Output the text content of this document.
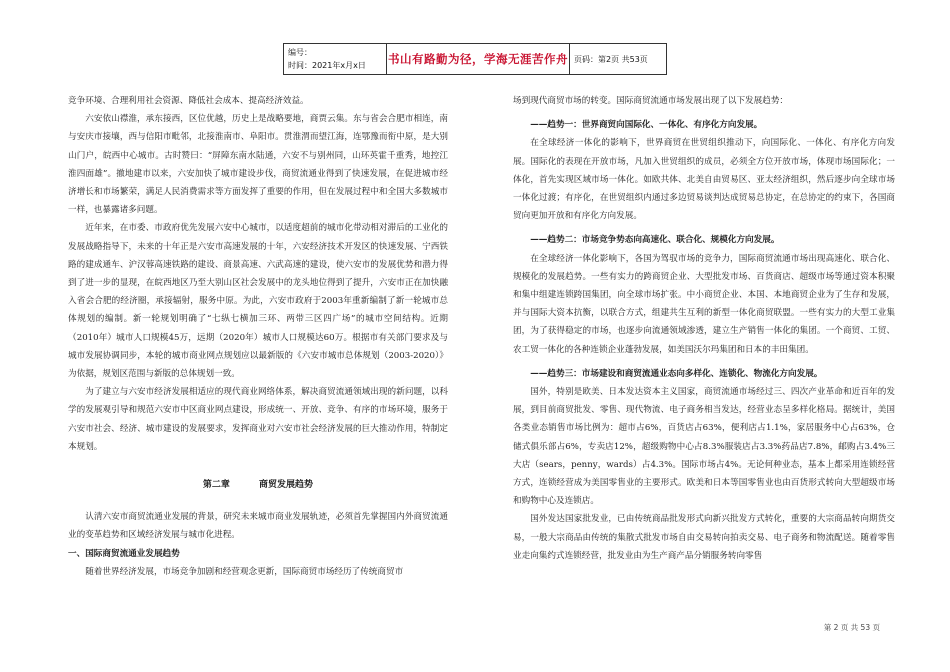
编号：
时间：2021年x月x日	书山有路勤为径，学海无涯苦作舟 页码：第2页 共53页

竞争环境、合理利用社会资源、降低社会成本、提高经济效益。

六安依山襟淮，承东接西，区位优越，历史上是战略要地，商贾云集。东与省会合肥市相连，南与安庆市接壤，西与信阳市毗邻，北接淮南市、阜阳市。贯淮渭而望江海，连鄂豫而衔中原，是大别山门户，皖西中心城市。古时赞曰：“屏障东南水陆通，六安不与别州同，山环英霍千重秀，地控江淮四面雄”。撤地建市以来，六安加快了城市建设步伐，商贸流通业得到了快速发展，在促进城市经济增长和市场繁荣，满足人民消费需求等方面发挥了重要的作用，但在发展过程中和全国大多数城市一样，也暴露诸多问题。

近年来，在市委、市政府优先发展六安中心城市，以适度超前的城市化带动相对滞后的工业化的发展战略指导下，未来的十年正是六安市高速发展的十年，六安经济技术开发区的快速发展、宁西铁路的建成通车、沪汉蓉高速铁路的建设、商景高速、六武高速的建设，使六安市的发展优势和潜力得到了进一步的显现，在皖西地区乃至大别山区社会发展中的龙头地位得到了提升，六安市正在加快融入省会合肥的经济圈，承接辐射，服务中原。为此，六安市政府于2003年重新编制了新一轮城市总体规划的编制。新一轮规划明确了“七纵七横加三环、两带三区四广场”的城市空间结构。近期（2010年）城市人口规模45万，远期（2020年）城市人口规模达60万。根据市有关部门要求及与城市发展协调同步，本轮的城市商业网点规划应以最新版的《六安市城市总体规划（2003-2020）》为依据，规划区范围与新版的总体规划一致。

为了建立与六安市经济发展相适应的现代商业网络体系，解决商贸流通领域出现的新问题，以科学的发展观引导和规范六安市中区商业网点建设，形成统一、开放、竞争、有序的市场环境，服务于六安市社会、经济、城市建设的发展要求，发挥商业对六安市社会经济发展的巨大推动作用，特制定本规划。

第二章 商贸发展趋势

认清六安市商贸流通业发展的背景，研究未来城市商业发展轨迹，必须首先掌握国内外商贸流通业的变革趋势和区域经济发展与城市化进程。

一、国际商贸流通业发展趋势

随着世界经济发展，市场竞争加剧和经营观念更新，国际商贸市场经历了传统商贸市

场到现代商贸市场的转变。国际商贸流通市场发展出现了以下发展趋势：

——趋势一：世界商贸向国际化、一体化、有序化方向发展。

在全球经济一体化的影响下，世界商贸在世贸组织推动下，向国际化、一体化、有序化方向发展。国际化的表现在开放市场，凡加入世贸组织的成员，必须全方位开放市场，体现市场国际化；一体化，首先实现区域市场一体化。如欧共体、北美自由贸易区、亚太经济组织，然后逐步向全球市场一体化过渡；有序化，在世贸组织内通过多边贸易谈判达成贸易总协定，在总协定的约束下，各国商贸向更加开放和有序化方向发展。

——趋势二：市场竞争势态向高速化、联合化、规模化方向发展。

在全球经济一体化影响下，各国为驾驭市场的竞争力，国际商贸流通市场出现高速化、联合化、规模化的发展趋势。一些有实力的跨商贸企业、大型批发市场、百货商店、超级市场等通过资本积聚和集中组建连锁跨国集团，向全球市场扩张。中小商贸企业、本国、本地商贸企业为了生存和发展，并与国际大资本抗衡，以联合方式，组建共生互利的新型一体化商贸联盟。一些有实力的大型工业集团，为了获得稳定的市场，也逐步向流通领域渗透，建立生产销售一体化的集团。一个商贸、工贸、农工贸一体化的各种连锁企业蓬勃发展，如美国沃尔玛集团和日本的丰田集团。

——趋势三：市场建设和商贸流通业态向多样化、连锁化、物流化方向发展。

国外，特别是欧美、日本发达资本主义国家，商贸流通市场经过三、四次产业革命和近百年的发展，到目前商贸批发、零售、现代物流、电子商务相当发达，经营业态呈多样化格局。据统计，美国各类业态销售市场比例为：超市占6%，百货店占63%，便利店占1.1%，家居服务中心占63%，仓储式俱乐部占6%，专卖店12%，超级购物中心占8.3%服装店占3.3%药品店7.8%，邮购占3.4%三大店（sears，penny，wards）占4.3%。国际市场占4%。无论何种业态，基本上都采用连锁经营方式，连锁经营成为美国零售业的主要形式。欧美和日本等国零售业也由百货形式转向大型超级市场和购物中心及连锁店。

国外发达国家批发业，已由传统商品批发形式向新兴批发方式转化，重要的大宗商品转向期货交易，一般大宗商品由传统的集散式批发市场自由交易转向拍卖交易、电子商务和物流配送。随着零售业走向集约式连锁经营，批发业由为生产商产品分销服务转向零售

第 2 页 共 53 页
